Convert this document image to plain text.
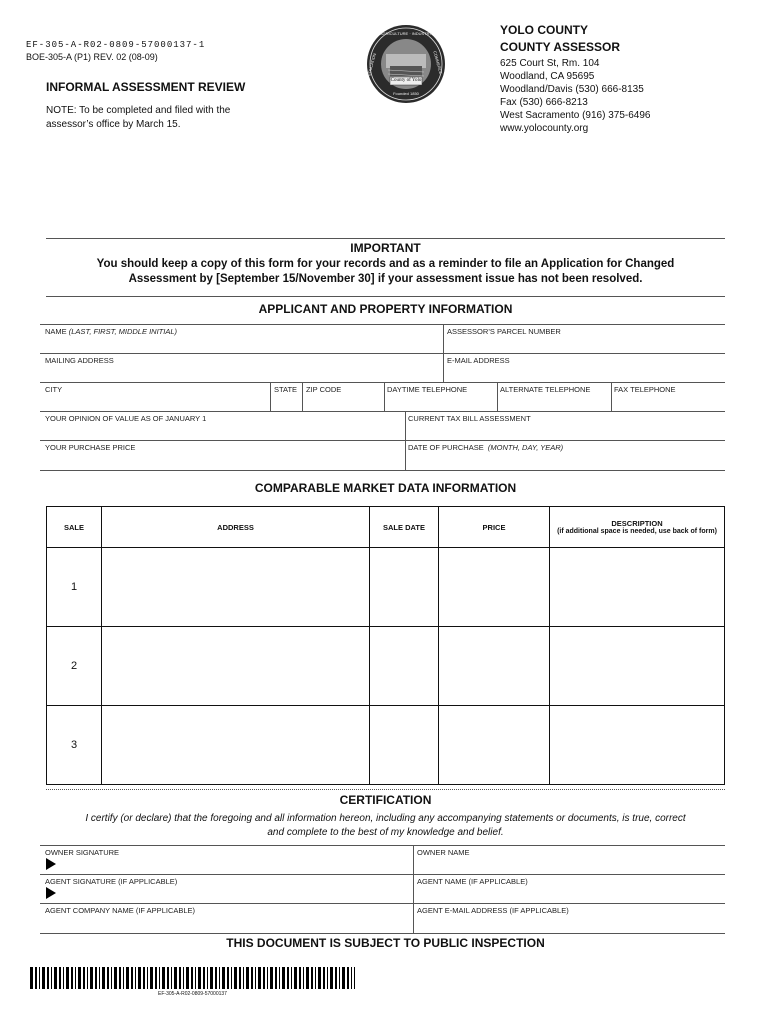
EF-305-A-R02-0809-57000137-1
BOE-305-A (P1) REV. 02 (08-09)
INFORMAL ASSESSMENT REVIEW
NOTE: To be completed and filed with the assessor’s office by March 15.
AGRICULTURE · INDUSTRY
EDUCATION	COMMERCE
County of Yolo
Founded 1850
YOLO COUNTY
COUNTY ASSESSOR
625 Court St, Rm. 104
Woodland, CA 95695
Woodland/Davis (530) 666-8135
Fax (530) 666-8213
West Sacramento (916) 375-6496
www.yolocounty.org
IMPORTANT
You should keep a copy of this form for your records and as a reminder to file an Application for Changed
Assessment by [September 15/November 30] if your assessment issue has not been resolved.
APPLICANT AND PROPERTY INFORMATION
NAME (LAST, FIRST, MIDDLE INITIAL)	ASSESSOR’S PARCEL NUMBER
MAILING ADDRESS	E-MAIL ADDRESS
CITY	STATE ZIP CODE	DAYTIME TELEPHONE	ALTERNATE TELEPHONE	FAX TELEPHONE
YOUR OPINION OF VALUE AS OF JANUARY 1	CURRENT TAX BILL ASSESSMENT
YOUR PURCHASE PRICE	DATE OF PURCHASE (MONTH, DAY, YEAR)
COMPARABLE MARKET DATA INFORMATION
SALE	ADDRESS	SALE DATE	PRICE	DESCRIPTION
(if additional space is needed, use back of form)

1				
2				
3				
CERTIFICATION
I certify (or declare) that the foregoing and all information hereon, including any accompanying statements or documents, is true, correct
and complete to the best of my knowledge and belief.
OWNER SIGNATURE	OWNER NAME
AGENT SIGNATURE (IF APPLICABLE)	AGENT NAME (IF APPLICABLE)
AGENT COMPANY NAME (IF APPLICABLE)	AGENT E-MAIL ADDRESS (IF APPLICABLE)
THIS DOCUMENT IS SUBJECT TO PUBLIC INSPECTION
EF-305-A-R02-0809-57000137
